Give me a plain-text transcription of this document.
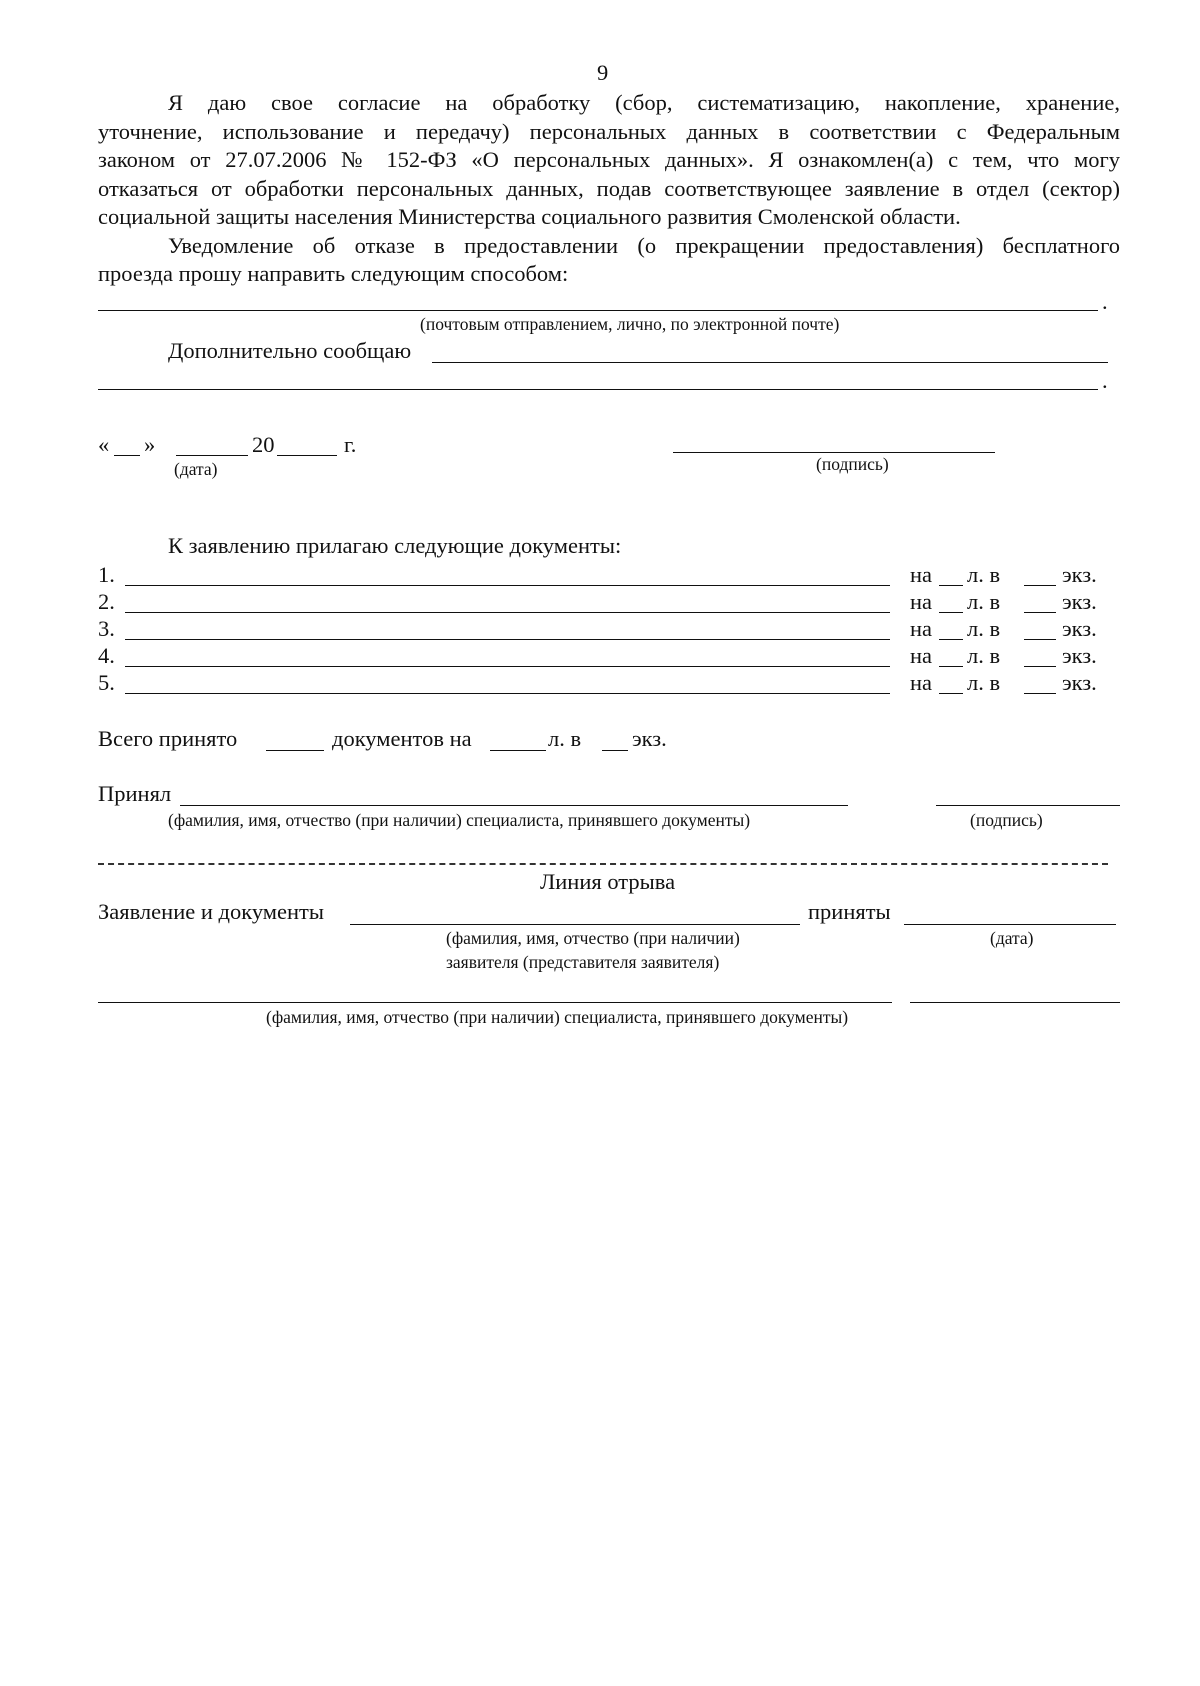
9
Я даю свое согласие на обработку (сбор, систематизацию, накопление, хранение,
уточнение, использование и передачу) персональных данных в соответствии с Федеральным
законом от 27.07.2006 № 152-ФЗ «О персональных данных». Я ознакомлен(а) с тем, что могу
отказаться от обработки персональных данных, подав соответствующее заявление в отдел (сектор)
социальной защиты населения Министерства социального развития Смоленской области.
Уведомление об отказе в предоставлении (о прекращении предоставления) бесплатного
проезда прошу направить следующим способом:
.
(почтовым отправлением, лично, по электронной почте)
Дополнительно сообщаю
.
« »	20	г.
(дата)	(подпись)
К заявлению прилагаю следующие документы:
1.	на л. в	экз.
2.	на л. в	экз.
3.	на л. в	экз.
4.	на л. в	экз.
5.	на л. в	экз.
Всего принято	документов на	л. в экз.
Принял
(фамилия, имя, отчество (при наличии) специалиста, принявшего документы)	(подпись)
Линия отрыва
Заявление и документы	приняты
(фамилия, имя, отчество (при наличии)
заявителя (представителя заявителя)
(дата)
(фамилия, имя, отчество (при наличии) специалиста, принявшего документы)
